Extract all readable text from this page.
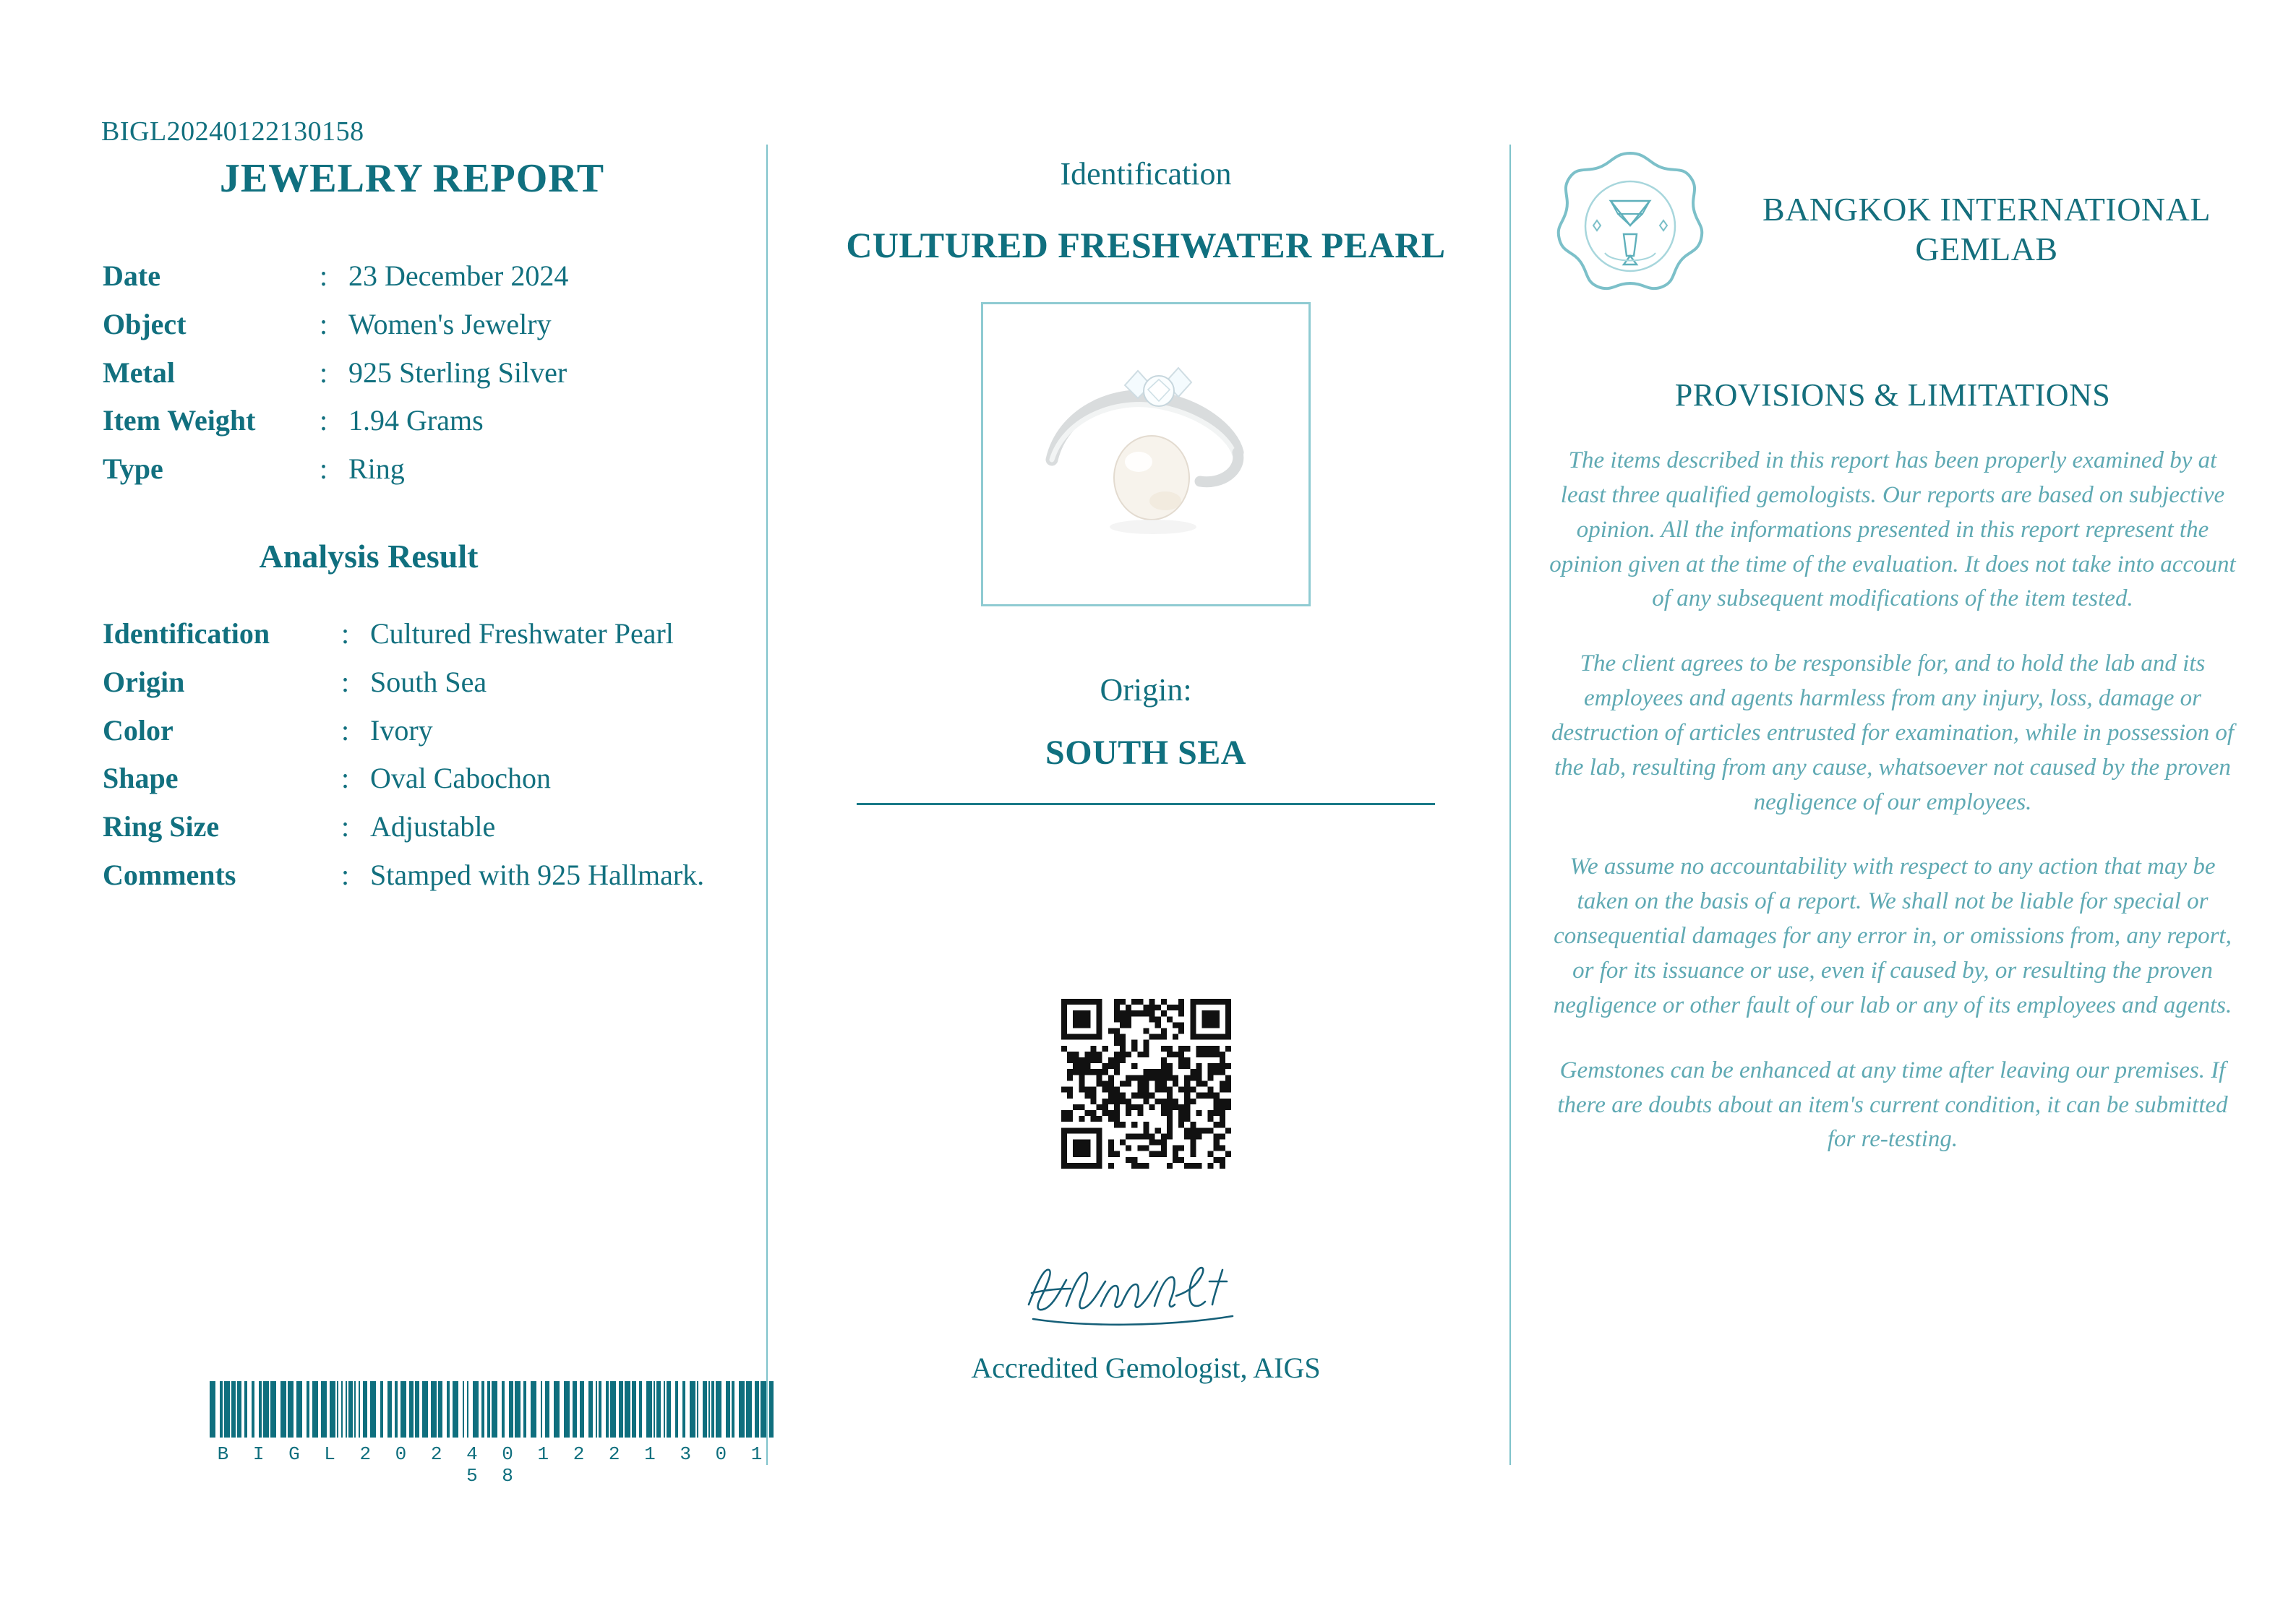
BIGL20240122130158
JEWELRY REPORT
Date	:	23 December 2024
Object	:	Women's Jewelry
Metal	:	925 Sterling Silver
Item Weight	:	1.94 Grams
Type	:	Ring
Analysis Result
Identification	:	Cultured Freshwater Pearl
Origin	:	South Sea
Color	:	Ivory
Shape	:	Oval Cabochon
Ring Size	:	Adjustable
Comments	:	Stamped with 925 Hallmark.
B I G L 2 0 2 4 0 1 2 2 1 3 0 1 5 8
Identification
CULTURED FRESHWATER PEARL
Origin:
SOUTH SEA
Accredited Gemologist, AIGS
BANGKOK INTERNATIONAL GEMLAB
PROVISIONS & LIMITATIONS

The items described in this report has been properly examined by at least three qualified gemologists. Our reports are based on subjective opinion. All the informations presented in this report represent the opinion given at the time of the evaluation. It does not take into account of any subsequent modifications of the item tested.

The client agrees to be responsible for, and to hold the lab and its employees and agents harmless from any injury, loss, damage or destruction of articles entrusted for examination, while in possession of the lab, resulting from any cause, whatsoever not caused by the proven negligence of our employees.

We assume no accountability with respect to any action that may be taken on the basis of a report. We shall not be liable for special or consequential damages for any error in, or omissions from, any report, or for its issuance or use, even if caused by, or resulting the proven negligence or other fault of our lab or any of its employees and agents.

Gemstones can be enhanced at any time after leaving our premises. If there are doubts about an item's current condition, it can be submitted for re-testing.
